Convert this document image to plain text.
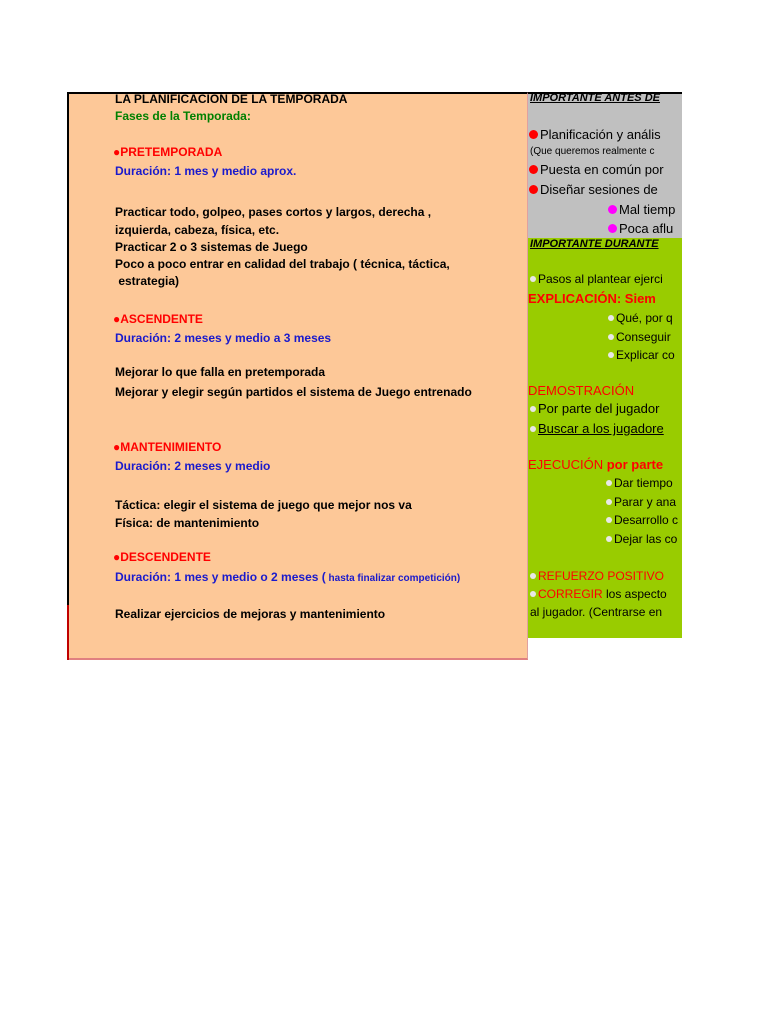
LA PLANIFICACIÓN DE LA TEMPORADA
Fases de la Temporada:
●PRETEMPORADA
Duración: 1 mes y medio aprox.
Practicar todo, golpeo, pases cortos y largos, derecha ,
izquierda, cabeza, física, etc.
Practicar 2 o 3 sistemas de Juego
Poco a poco entrar en calidad del trabajo ( técnica, táctica,
estrategia)
●ASCENDENTE
Duración: 2 meses y medio a 3 meses
Mejorar lo que falla en pretemporada
Mejorar y elegir según partidos el sistema de Juego entrenado
●MANTENIMIENTO
Duración: 2 meses y medio
Táctica: elegir el sistema de juego que mejor nos va
Física: de mantenimiento
●DESCENDENTE
Duración: 1 mes y medio o 2 meses ( hasta finalizar competición)
Realizar ejercicios de mejoras y mantenimiento
IMPORTANTE ANTES DE
Planificación y anális
(Que queremos realmente c
Puesta en común por
Diseñar sesiones de
Mal tiemp
Poca aflu
IMPORTANTE DURANTE
Pasos al plantear ejerci
EXPLICACIÓN: Siem
Qué, por q
Conseguir
Explicar co
DEMOSTRACIÓN
Por parte del jugador
Buscar a los jugadore
EJECUCIÓN por parte
Dar tiempo
Parar y ana
Desarrollo c
Dejar las co
REFUERZO POSITIVO
CORREGIR los aspecto
al jugador. (Centrarse en
